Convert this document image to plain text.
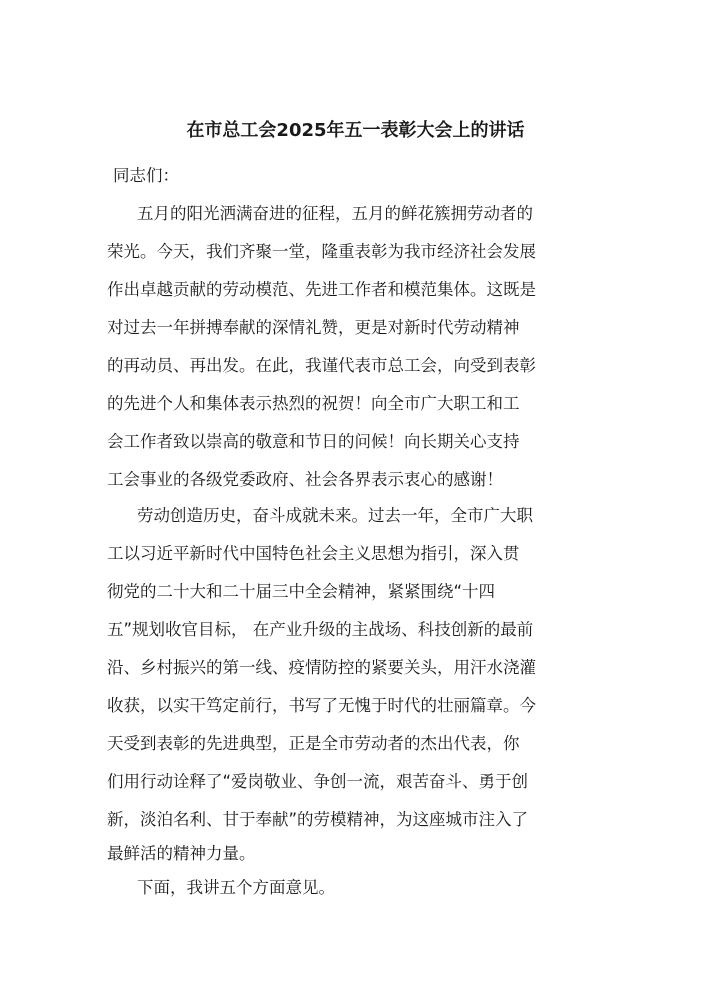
在市总工会2025年五一表彰大会上的讲话
同志们：
五月的阳光洒满奋进的征程，五月的鲜花簇拥劳动者的
荣光。今天，我们齐聚一堂，隆重表彰为我市经济社会发展
作出卓越贡献的劳动模范、先进工作者和模范集体。这既是
对过去一年拼搏奉献的深情礼赞，更是对新时代劳动精神
的再动员、再出发。在此，我谨代表市总工会，向受到表彰
的先进个人和集体表示热烈的祝贺！向全市广大职工和工
会工作者致以崇高的敬意和节日的问候！向长期关心支持
工会事业的各级党委政府、社会各界表示衷心的感谢！
劳动创造历史，奋斗成就未来。过去一年，全市广大职
工以习近平新时代中国特色社会主义思想为指引，深入贯
彻党的二十大和二十届三中全会精神，紧紧围绕“十四
五”规划收官目标， 在产业升级的主战场、科技创新的最前
沿、乡村振兴的第一线、疫情防控的紧要关头，用汗水浇灌
收获，以实干笃定前行，书写了无愧于时代的壮丽篇章。今
天受到表彰的先进典型，正是全市劳动者的杰出代表，你
们用行动诠释了“爱岗敬业、争创一流，艰苦奋斗、勇于创
新，淡泊名利、甘于奉献”的劳模精神，为这座城市注入了
最鲜活的精神力量。
下面，我讲五个方面意见。
